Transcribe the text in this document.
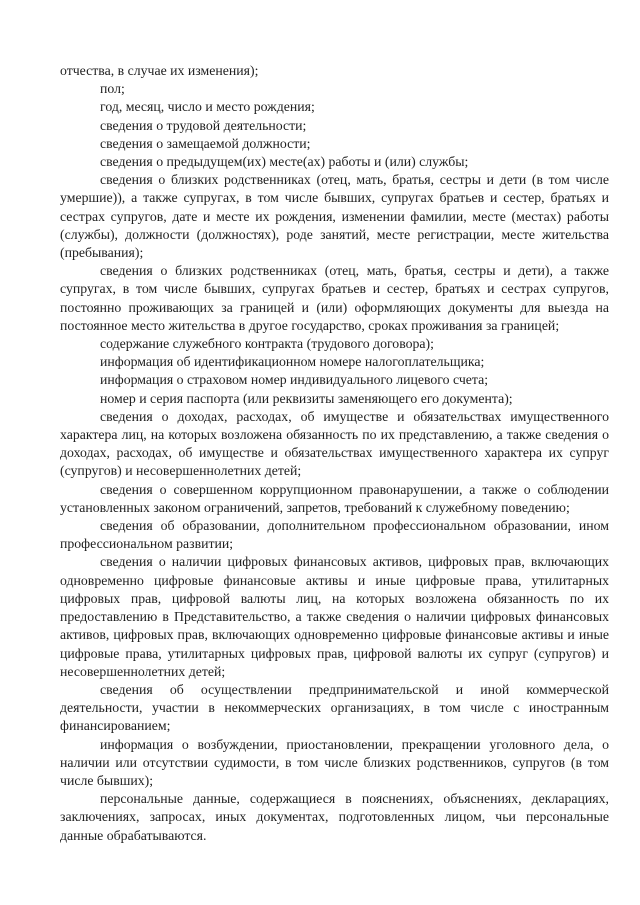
отчества, в случае их изменения);

пол;

год, месяц, число и место рождения;

сведения о трудовой деятельности;

сведения о замещаемой должности;

сведения о предыдущем(их) месте(ах) работы и (или) службы;

сведения о близких родственниках (отец, мать, братья, сестры и дети (в том числе умершие)), а также супругах, в том числе бывших, супругах братьев и сестер, братьях и сестрах супругов, дате и месте их рождения, изменении фамилии, месте (местах) работы (службы), должности (должностях), роде занятий, месте регистрации, месте жительства (пребывания);

сведения о близких родственниках (отец, мать, братья, сестры и дети), а также супругах, в том числе бывших, супругах братьев и сестер, братьях и сестрах супругов, постоянно проживающих за границей и (или) оформляющих документы для выезда на постоянное место жительства в другое государство, сроках проживания за границей;

содержание служебного контракта (трудового договора);

информация об идентификационном номере налогоплательщика;

информация о страховом номер индивидуального лицевого счета;

номер и серия паспорта (или реквизиты заменяющего его документа);

сведения о доходах, расходах, об имуществе и обязательствах имущественного характера лиц, на которых возложена обязанность по их представлению, а также сведения о доходах, расходах, об имуществе и обязательствах имущественного характера их супруг (супругов) и несовершеннолетних детей;

сведения о совершенном коррупционном правонарушении, а также о соблюдении установленных законом ограничений, запретов, требований к служебному поведению;

сведения об образовании, дополнительном профессиональном образовании, ином профессиональном развитии;

сведения о наличии цифровых финансовых активов, цифровых прав, включающих одновременно цифровые финансовые активы и иные цифровые права, утилитарных цифровых прав, цифровой валюты лиц, на которых возложена обязанность по их предоставлению в Представительство, а также сведения о наличии цифровых финансовых активов, цифровых прав, включающих одновременно цифровые финансовые активы и иные цифровые права, утилитарных цифровых прав, цифровой валюты их супруг (супругов) и несовершеннолетних детей;

сведения об осуществлении предпринимательской и иной коммерческой деятельности, участии в некоммерческих организациях, в том числе с иностранным финансированием;

информация о возбуждении, приостановлении, прекращении уголовного дела, о наличии или отсутствии судимости, в том числе близких родственников, супругов (в том числе бывших);

персональные данные, содержащиеся в пояснениях, объяснениях, декларациях, заключениях, запросах, иных документах, подготовленных лицом, чьи персональные данные обрабатываются.
